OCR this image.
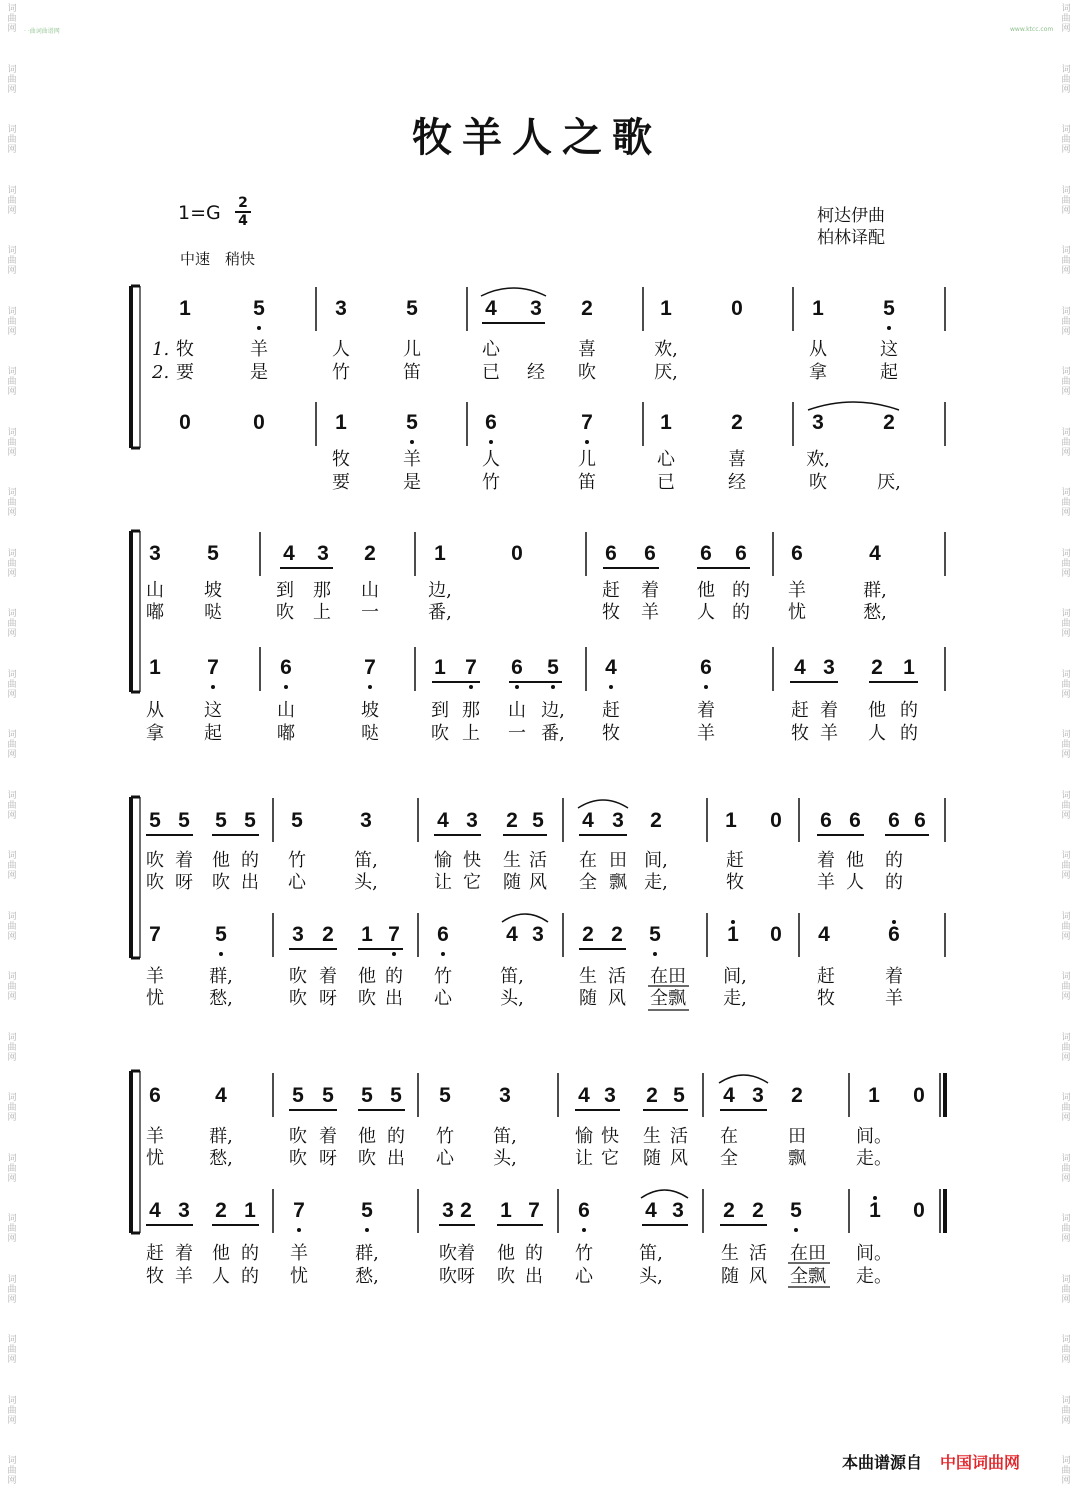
· ·曲词曲谱网	www.ktcc.com
牧羊人之歌
1=G 2
4
中速　稍快
柯达伊曲
柏林译配
1	5	3	5	4 3 2	1	0	1	5
0	0	1	5	6	7	1	2	3	2
1. 牧	羊	人	儿	心	喜	欢,	从	这
2. 要	是	竹	笛	已 经 吹	厌,	拿	起
牧	羊	人	儿	心	喜	欢,
要	是	竹	笛	已	经	吹	厌,
3 5	4 3 2	1	0	6 6 6 6 6	4
1 7	6	7	1 7 6 5 4	6	4 3 2 1
山 坡	到 那 山	边,	赶 着 他 的 羊	群,
嘟 哒	吹 上 一	番,	牧 羊 人 的 忧	愁,
从 这	山	坡	到 那 山 边, 赶	着	赶 着 他 的
拿 起	嘟	哒	吹 上 一 番, 牧	羊	牧 羊 人 的
5 5 5 5 5	3	4 3 2 5 4 3 2	1 0 6 6 6 6
7	5	3 2 1 7 6	4 3 2 2 5	1 0 4	6
吹 着 他 的 竹	笛,	愉 快 生 活 在 田 间,	赶	着 他 的
吹 呀 吹 出 心	头,	让 它 随 风 全 飘 走,	牧	羊 人 的
羊	群,	吹 着 他 的 竹	笛,	生 活 在田 间,	赶	着
忧	愁,	吹 呀 吹 出 心	头,	随 风 全飘 走,	牧	羊
6	4	5 5 5 5 5 3	4 3 2 5 4 3 2	1 0
4 3 2 1 7	5	3 2 1 7 6	4 3 2 2 5	1 0
羊	群,	吹 着 他 的 竹 笛,	愉 快 生 活 在	田	间。
忧	愁,	吹 呀 吹 出 心 头,	让 它 随 风 全	飘	走。
赶 着 他 的 羊	群,	吹着 他 的 竹	笛,	生 活 在田 间。
牧 羊 人 的 忧	愁,	吹呀 吹 出 心	头,	随 风 全飘 走。
本曲谱源自 中国词曲网
词
曲
网
词
曲
网
词
曲
网
词
曲
网
词
曲
网
词
曲
网
词
曲
网
词
曲
网
词
曲
网
词
曲
网
词
曲
网
词
曲
网
词
曲
网
词
曲
网
词
曲
网
词
曲
网
词
曲
网
词
曲
网
词
曲
网
词
曲
网
词
曲
网
词
曲
网
词
曲
网
词
曲
网
词
曲
网
词
曲
网
词
曲
网
词
曲
网
词
曲
网
词
曲
网
词
曲
网
词
曲
网
词
曲
网
词
曲
网
词
曲
网
词
曲
网
词
曲
网
词
曲
网
词
曲
网
词
曲
网
词
曲
网
词
曲
网
词
曲
网
词
曲
网
词
曲
网
词
曲
网
词
曲
网
词
曲
网
词
曲
网
词
曲
网
